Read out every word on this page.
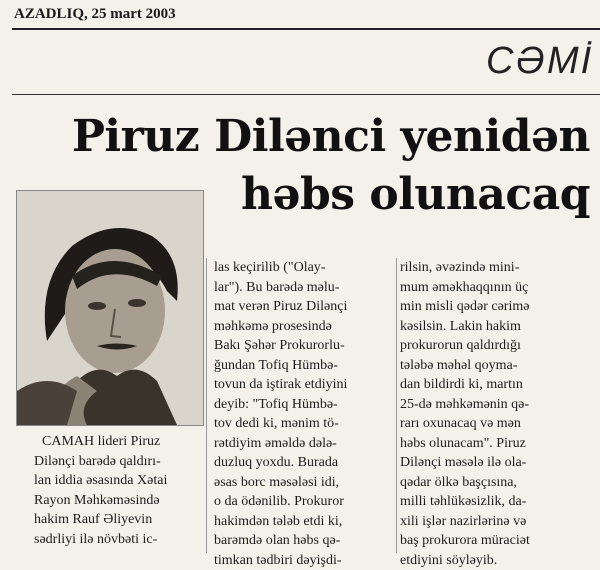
AZADLIQ, 25 mart 2003
CƏMİ
Piruz Diləncі yenidən
həbs olunacaq
CAMAH lideri Piruz
Dilənçi barədə qaldırı-
lan iddia əsasında Xətai
Rayon Məhkəməsində
hakim Rauf Əliyevin
sədrliyi ilə növbəti ic-
las keçirilib ("Olay-
lar"). Bu barədə məlu-
mat verən Piruz Dilənçi
məhkəmə prosesində
Bakı Şəhər Prokurorlu-
ğundan Tofiq Hümbə-
tovun da iştirak etdiyini
deyib: "Tofiq Hümbə-
tov dedi ki, mənim tö-
rətdiyim əməldə dələ-
duzluq yoxdu. Burada
əsas borc məsələsi idi,
o da ödənilib. Prokuror
hakimdən tələb etdi ki,
barəmdə olan həbs qə-
timkan tədbiri dəyişdi-
rilsin, əvəzində mini-
mum əməkhaqqının üç
min misli qədər cərimə
kəsilsin. Lakin hakim
prokurorun qaldırdığı
tələbə məhəl qoyma-
dan bildirdi ki, martın
25-də məhkəmənin qə-
rarı oxunacaq və mən
həbs olunacam". Piruz
Dilənçi məsələ ilə ola-
qədar ölkə başçısına,
milli təhlükəsizlik, da-
xili işlər nazirlərinə və
baş prokurora müraciət
etdiyini söyləyib.
